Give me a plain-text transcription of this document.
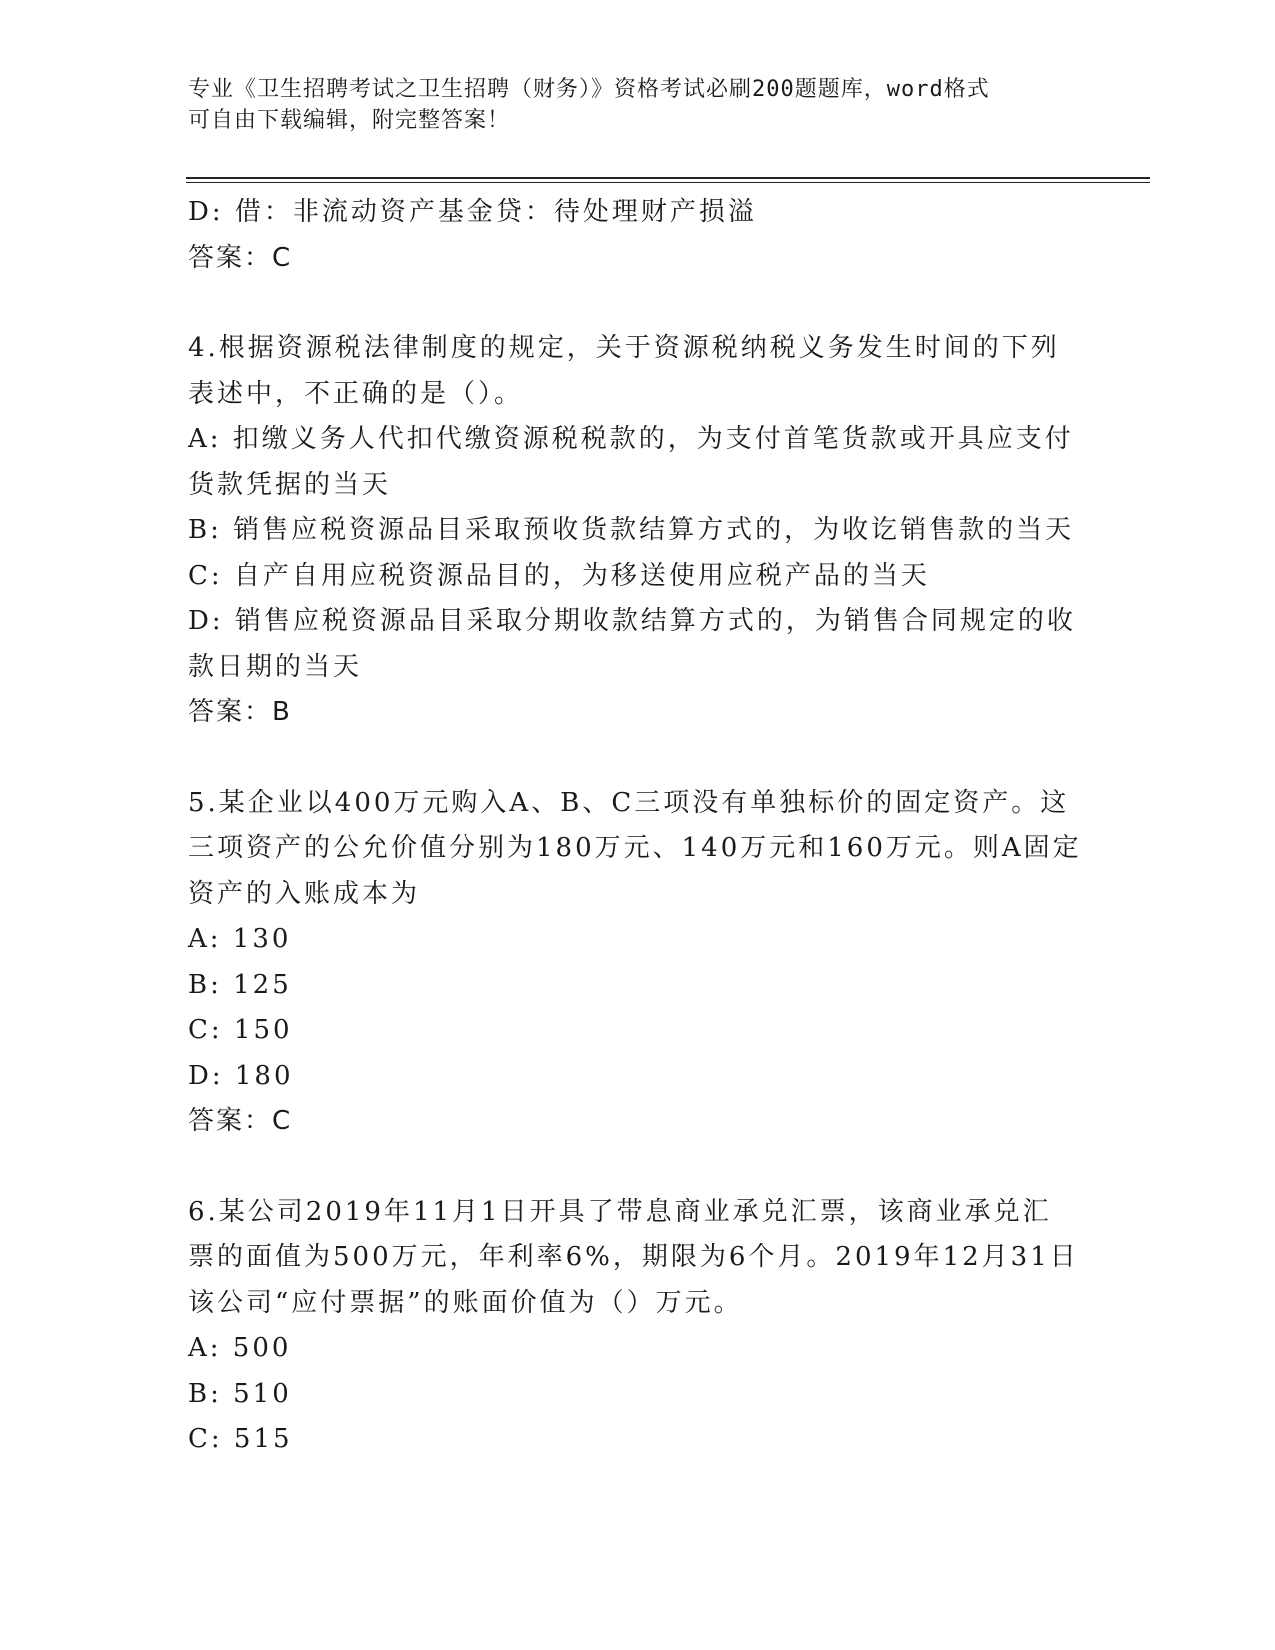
专业《卫生招聘考试之卫生招聘（财务）》资格考试必刷200题题库，word格式
可自由下载编辑，附完整答案！
D: 借：非流动资产基金贷：待处理财产损溢
答案：C
4.根据资源税法律制度的规定，关于资源税纳税义务发生时间的下列
表述中，不正确的是（）。
A: 扣缴义务人代扣代缴资源税税款的，为支付首笔货款或开具应支付
货款凭据的当天
B: 销售应税资源品目采取预收货款结算方式的，为收讫销售款的当天
C: 自产自用应税资源品目的，为移送使用应税产品的当天
D: 销售应税资源品目采取分期收款结算方式的，为销售合同规定的收
款日期的当天
答案：B
5.某企业以400万元购入A、B、C三项没有单独标价的固定资产。这
三项资产的公允价值分别为180万元、140万元和160万元。则A固定
资产的入账成本为
A: 130
B: 125
C: 150
D: 180
答案：C
6.某公司2019年11月1日开具了带息商业承兑汇票，该商业承兑汇
票的面值为500万元，年利率6%，期限为6个月。2019年12月31日
该公司“应付票据”的账面价值为（）万元。
A: 500
B: 510
C: 515
